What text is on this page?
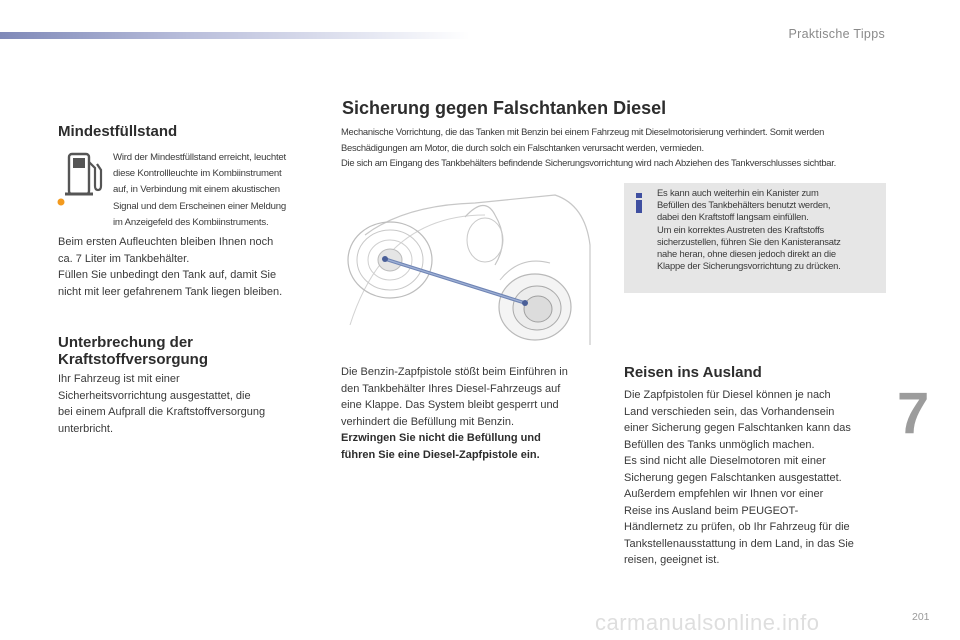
Praktische Tipps
Mindestfüllstand
Wird der Mindestfüllstand erreicht, leuchtet
diese Kontrollleuchte im Kombiinstrument
auf, in Verbindung mit einem akustischen
Signal und dem Erscheinen einer Meldung
im Anzeigefeld des Kombiinstruments.
Beim ersten Aufleuchten bleiben Ihnen noch
ca. 7 Liter im Tankbehälter.
Füllen Sie unbedingt den Tank auf, damit Sie
nicht mit leer gefahrenem Tank liegen bleiben.
Unterbrechung der
Kraftstoffversorgung
Ihr Fahrzeug ist mit einer
Sicherheitsvorrichtung ausgestattet, die
bei einem Aufprall die Kraftstoffversorgung
unterbricht.
Sicherung gegen Falschtanken Diesel
Mechanische Vorrichtung, die das Tanken mit Benzin bei einem Fahrzeug mit Dieselmotorisierung verhindert. Somit werden
Beschädigungen am Motor, die durch solch ein Falschtanken verursacht werden, vermieden.
Die sich am Eingang des Tankbehälters befindende Sicherungsvorrichtung wird nach Abziehen des Tankverschlusses sichtbar.
Es kann auch weiterhin ein Kanister zum
Befüllen des Tankbehälters benutzt werden,
dabei den Kraftstoff langsam einfüllen.
Um ein korrektes Austreten des Kraftstoffs
sicherzustellen, führen Sie den Kanisteransatz
nahe heran, ohne diesen jedoch direkt an die
Klappe der Sicherungsvorrichtung zu drücken.
Die Benzin-Zapfpistole stößt beim Einführen in
den Tankbehälter Ihres Diesel-Fahrzeugs auf
eine Klappe. Das System bleibt gesperrt und
verhindert die Befüllung mit Benzin.
Erzwingen Sie nicht die Befüllung und
führen Sie eine Diesel-Zapfpistole ein.
Reisen ins Ausland
Die Zapfpistolen für Diesel können je nach
Land verschieden sein, das Vorhandensein
einer Sicherung gegen Falschtanken kann das
Befüllen des Tanks unmöglich machen.
Es sind nicht alle Dieselmotoren mit einer
Sicherung gegen Falschtanken ausgestattet.
Außerdem empfehlen wir Ihnen vor einer
Reise ins Ausland beim PEUGEOT-
Händlernetz zu prüfen, ob Ihr Fahrzeug für die
Tankstellenausstattung in dem Land, in das Sie
reisen, geeignet ist.
7
carmanualsonline.info	201
